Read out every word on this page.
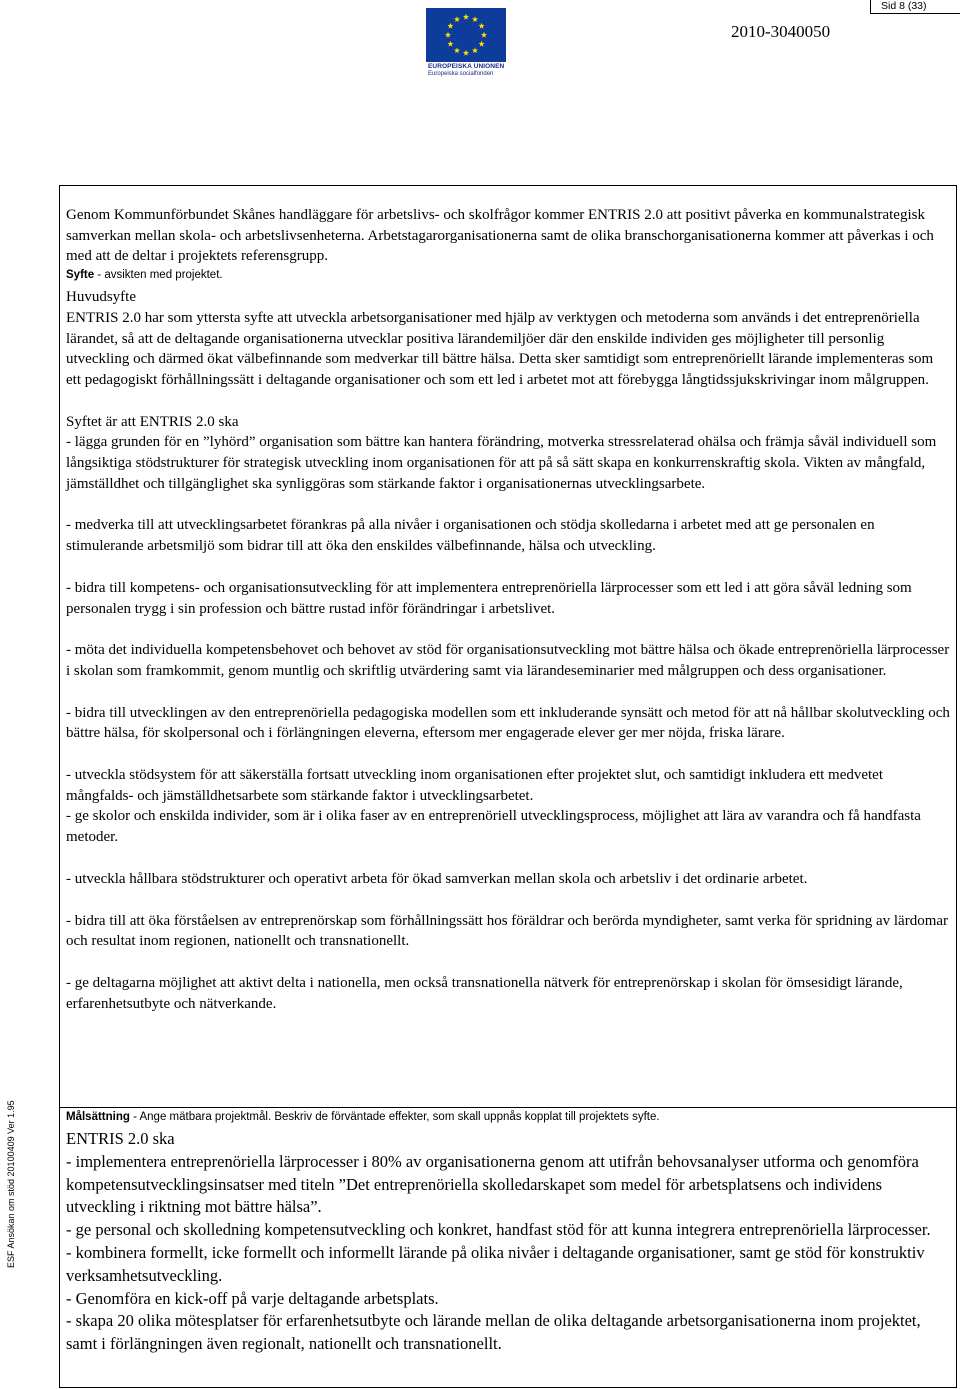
Sid 8 (33)
EUROPEISKA UNIONEN
Europeiska socialfonden
2010-3040050
ESF Ansökan om stöd 20100409 Ver 1.95

Genom Kommunförbundet Skånes handläggare för arbetslivs- och skolfrågor kommer ENTRIS 2.0 att positivt påverka en kommunalstrategisk samverkan mellan skola- och arbetslivsenheterna. Arbetstagarorganisationerna samt de olika branschorganisationerna kommer att påverkas i och med att de deltar i projektets referensgrupp.

Syfte - avsikten med projektet.

Huvudsyfte

ENTRIS 2.0 har som yttersta syfte att utveckla arbetsorganisationer med hjälp av verktygen och metoderna som används i det entreprenöriella lärandet, så att de deltagande organisationerna utvecklar positiva lärandemiljöer där den enskilde individen ges möjligheter till personlig utveckling och därmed ökat välbefinnande som medverkar till bättre hälsa. Detta sker samtidigt som entreprenöriellt lärande implementeras som ett pedagogiskt förhållningssätt i deltagande organisationer och som ett led i arbetet mot att förebygga långtidssjukskrivingar inom målgruppen.

Syftet är att ENTRIS 2.0 ska

- lägga grunden för en ”lyhörd” organisation som bättre kan hantera förändring, motverka stressrelaterad ohälsa och främja såväl individuell som långsiktiga stödstrukturer för strategisk utveckling inom organisationen för att på så sätt skapa en konkurrenskraftig skola. Vikten av mångfald, jämställdhet och tillgänglighet ska synliggöras som stärkande faktor i organisationernas utvecklingsarbete.

- medverka till att utvecklingsarbetet förankras på alla nivåer i organisationen och stödja skolledarna i arbetet med att ge personalen en stimulerande arbetsmiljö som bidrar till att öka den enskildes välbefinnande, hälsa och utveckling.

- bidra till kompetens- och organisationsutveckling för att implementera entreprenöriella lärprocesser som ett led i att göra såväl ledning som personalen trygg i sin profession och bättre rustad inför förändringar i arbetslivet.

- möta det individuella kompetensbehovet och behovet av stöd för organisationsutveckling mot bättre hälsa och ökade entreprenöriella lärprocesser i skolan som framkommit, genom muntlig och skriftlig utvärdering samt via lärandeseminarier med målgruppen och dess organisationer.

- bidra till utvecklingen av den entreprenöriella pedagogiska modellen som ett inkluderande synsätt och metod för att nå hållbar skolutveckling och bättre hälsa, för skolpersonal och i förlängningen eleverna, eftersom mer engagerade elever ger mer nöjda, friska lärare.

- utveckla stödsystem för att säkerställa fortsatt utveckling inom organisationen efter projektet slut, och samtidigt inkludera ett medvetet mångfalds- och jämställdhetsarbete som stärkande faktor i utvecklingsarbetet.

- ge skolor och enskilda individer, som är i olika faser av en entreprenöriell utvecklingsprocess, möjlighet att lära av varandra och få handfasta metoder.

- utveckla hållbara stödstrukturer och operativt arbeta för ökad samverkan mellan skola och arbetsliv i det ordinarie arbetet.

- bidra till att öka förståelsen av entreprenörskap som förhållningssätt hos föräldrar och berörda myndigheter, samt verka för spridning av lärdomar och resultat inom regionen, nationellt och transnationellt.

- ge deltagarna möjlighet att aktivt delta i nationella, men också transnationella nätverk för entreprenörskap i skolan för ömsesidigt lärande, erfarenhetsutbyte och nätverkande.

Målsättning - Ange mätbara projektmål. Beskriv de förväntade effekter, som skall uppnås kopplat till projektets syfte.

ENTRIS 2.0 ska

- implementera entreprenöriella lärprocesser i 80% av organisationerna genom att utifrån behovsanalyser utforma och genomföra kompetensutvecklingsinsatser med titeln ”Det entreprenöriella skolledarskapet som medel för arbetsplatsens och individens utveckling i riktning mot bättre hälsa”.

- ge personal och skolledning kompetensutveckling och konkret, handfast stöd för att kunna integrera entreprenöriella lärprocesser.

- kombinera formellt, icke formellt och informellt lärande på olika nivåer i deltagande organisationer, samt ge stöd för konstruktiv verksamhetsutveckling.

- Genomföra en kick-off på varje deltagande arbetsplats.

- skapa 20 olika mötesplatser för erfarenhetsutbyte och lärande mellan de olika deltagande arbetsorganisationerna inom projektet, samt i förlängningen även regionalt, nationellt och transnationellt.
